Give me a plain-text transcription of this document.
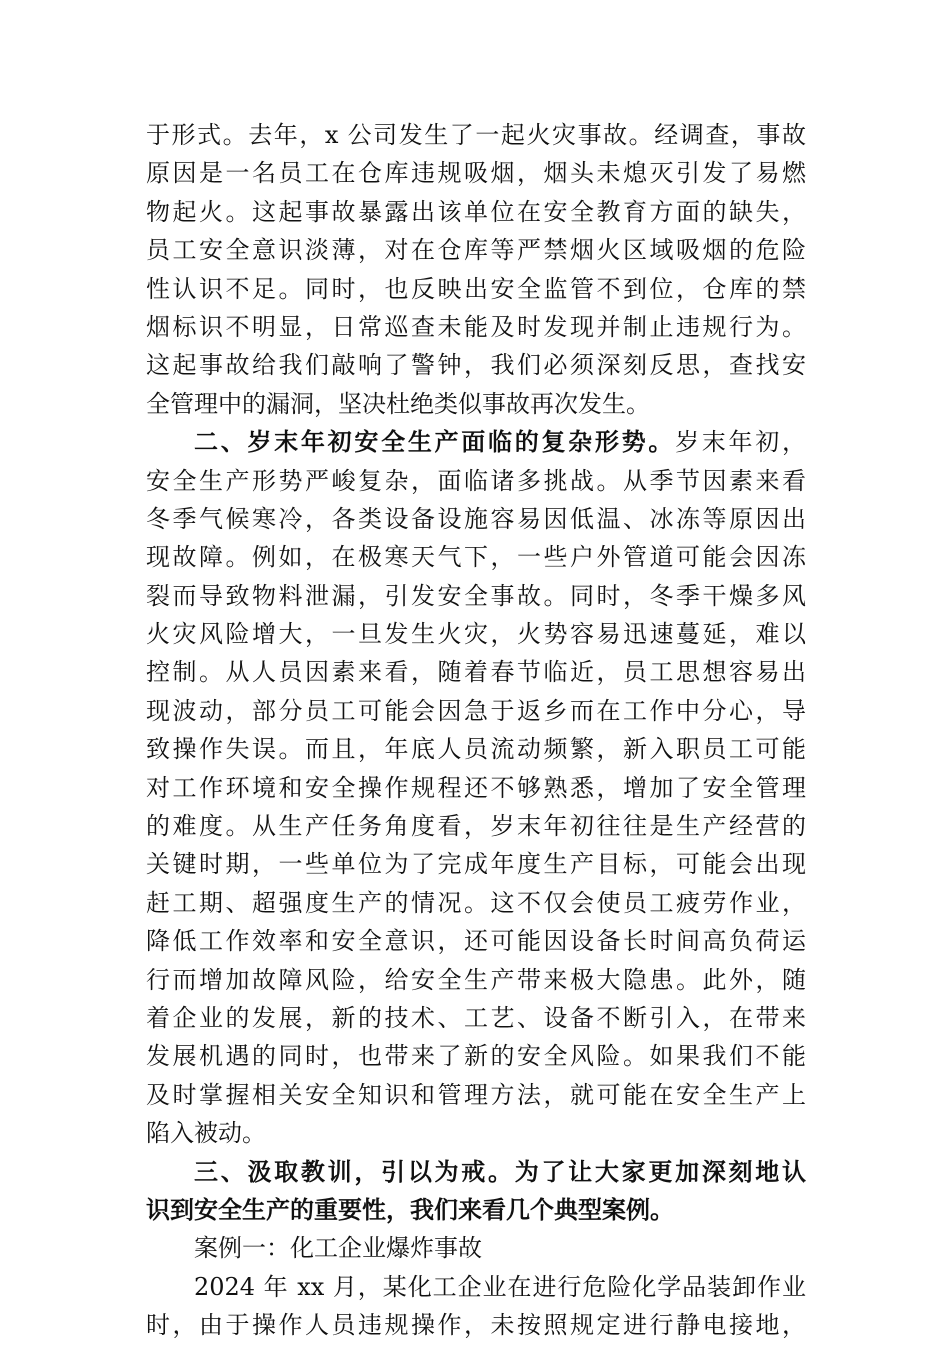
于形式。去年，x 公司发生了一起火灾事故。经调查，事故
原因是一名员工在仓库违规吸烟，烟头未熄灭引发了易燃
物起火。这起事故暴露出该单位在安全教育方面的缺失，
员工安全意识淡薄，对在仓库等严禁烟火区域吸烟的危险
性认识不足。同时，也反映出安全监管不到位，仓库的禁
烟标识不明显，日常巡查未能及时发现并制止违规行为。
这起事故给我们敲响了警钟，我们必须深刻反思，查找安
全管理中的漏洞，坚决杜绝类似事故再次发生。
二、岁末年初安全生产面临的复杂形势。岁末年初，
安全生产形势严峻复杂，面临诸多挑战。从季节因素来看
冬季气候寒冷，各类设备设施容易因低温、冰冻等原因出
现故障。例如，在极寒天气下，一些户外管道可能会因冻
裂而导致物料泄漏，引发安全事故。同时，冬季干燥多风
火灾风险增大，一旦发生火灾，火势容易迅速蔓延，难以
控制。从人员因素来看，随着春节临近，员工思想容易出
现波动，部分员工可能会因急于返乡而在工作中分心，导
致操作失误。而且，年底人员流动频繁，新入职员工可能
对工作环境和安全操作规程还不够熟悉，增加了安全管理
的难度。从生产任务角度看，岁末年初往往是生产经营的
关键时期，一些单位为了完成年度生产目标，可能会出现
赶工期、超强度生产的情况。这不仅会使员工疲劳作业，
降低工作效率和安全意识，还可能因设备长时间高负荷运
行而增加故障风险，给安全生产带来极大隐患。此外，随
着企业的发展，新的技术、工艺、设备不断引入，在带来
发展机遇的同时，也带来了新的安全风险。如果我们不能
及时掌握相关安全知识和管理方法，就可能在安全生产上
陷入被动。
三、汲取教训，引以为戒。为了让大家更加深刻地认
识到安全生产的重要性，我们来看几个典型案例。
案例一：化工企业爆炸事故
2024 年 xx 月，某化工企业在进行危险化学品装卸作业
时，由于操作人员违规操作，未按照规定进行静电接地，
